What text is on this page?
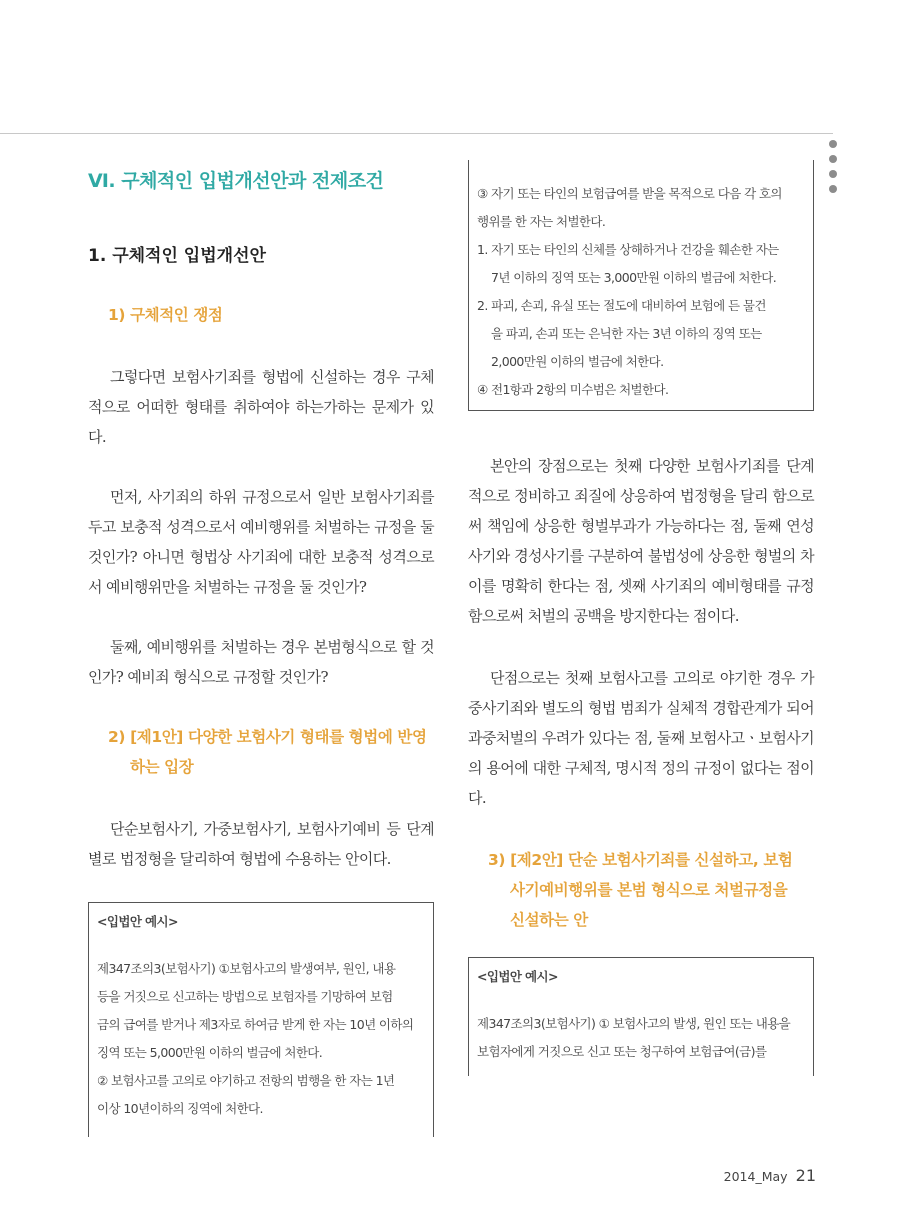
Ⅵ. 구체적인 입법개선안과 전제조건
1. 구체적인 입법개선안
1) 구체적인 쟁점

그렇다면 보험사기죄를 형법에 신설하는 경우 구체적으로 어떠한 형태를 취하여야 하는가하는 문제가 있다.

먼저, 사기죄의 하위 규정으로서 일반 보험사기죄를 두고 보충적 성격으로서 예비행위를 처벌하는 규정을 둘 것인가? 아니면 형법상 사기죄에 대한 보충적 성격으로서 예비행위만을 처벌하는 규정을 둘 것인가?

둘째, 예비행위를 처벌하는 경우 본범형식으로 할 것인가? 예비죄 형식으로 규정할 것인가?

2) [제1안] 다양한 보험사기 형태를 형법에 반영
하는 입장

단순보험사기, 가중보험사기, 보험사기예비 등 단계별로 법정형을 달리하여 형법에 수용하는 안이다.

<입법안 예시>
제347조의3(보험사기) ①보험사고의 발생여부, 원인, 내용
등을 거짓으로 신고하는 방법으로 보험자를 기망하여 보험
금의 급여를 받거나 제3자로 하여금 받게 한 자는 10년 이하의
징역 또는 5,000만원 이하의 벌금에 처한다.
② 보험사고를 고의로 야기하고 전항의 범행을 한 자는 1년
이상 10년이하의 징역에 처한다.
③ 자기 또는 타인의 보험급여를 받을 목적으로 다음 각 호의
행위를 한 자는 처벌한다.
1. 자기 또는 타인의 신체를 상해하거나 건강을 훼손한 자는
7년 이하의 징역 또는 3,000만원 이하의 벌금에 처한다.
2. 파괴, 손괴, 유실 또는 절도에 대비하여 보험에 든 물건
을 파괴, 손괴 또는 은닉한 자는 3년 이하의 징역 또는
2,000만원 이하의 벌금에 처한다.
④ 전1항과 2항의 미수범은 처벌한다.

본안의 장점으로는 첫째 다양한 보험사기죄를 단계적으로 정비하고 죄질에 상응하여 법정형을 달리 함으로써 책임에 상응한 형벌부과가 가능하다는 점, 둘째 연성사기와 경성사기를 구분하여 불법성에 상응한 형벌의 차이를 명확히 한다는 점, 셋째 사기죄의 예비형태를 규정함으로써 처벌의 공백을 방지한다는 점이다.

단점으로는 첫째 보험사고를 고의로 야기한 경우 가중사기죄와 별도의 형법 범죄가 실체적 경합관계가 되어 과중처벌의 우려가 있다는 점, 둘째 보험사고ㆍ보험사기의 용어에 대한 구체적, 명시적 정의 규정이 없다는 점이다.

3) [제2안] 단순 보험사기죄를 신설하고, 보험
사기예비행위를 본범 형식으로 처벌규정을
신설하는 안
<입법안 예시>
제347조의3(보험사기) ① 보험사고의 발생, 원인 또는 내용을
보험자에게 거짓으로 신고 또는 청구하여 보험급여(금)를
2014_May 21
